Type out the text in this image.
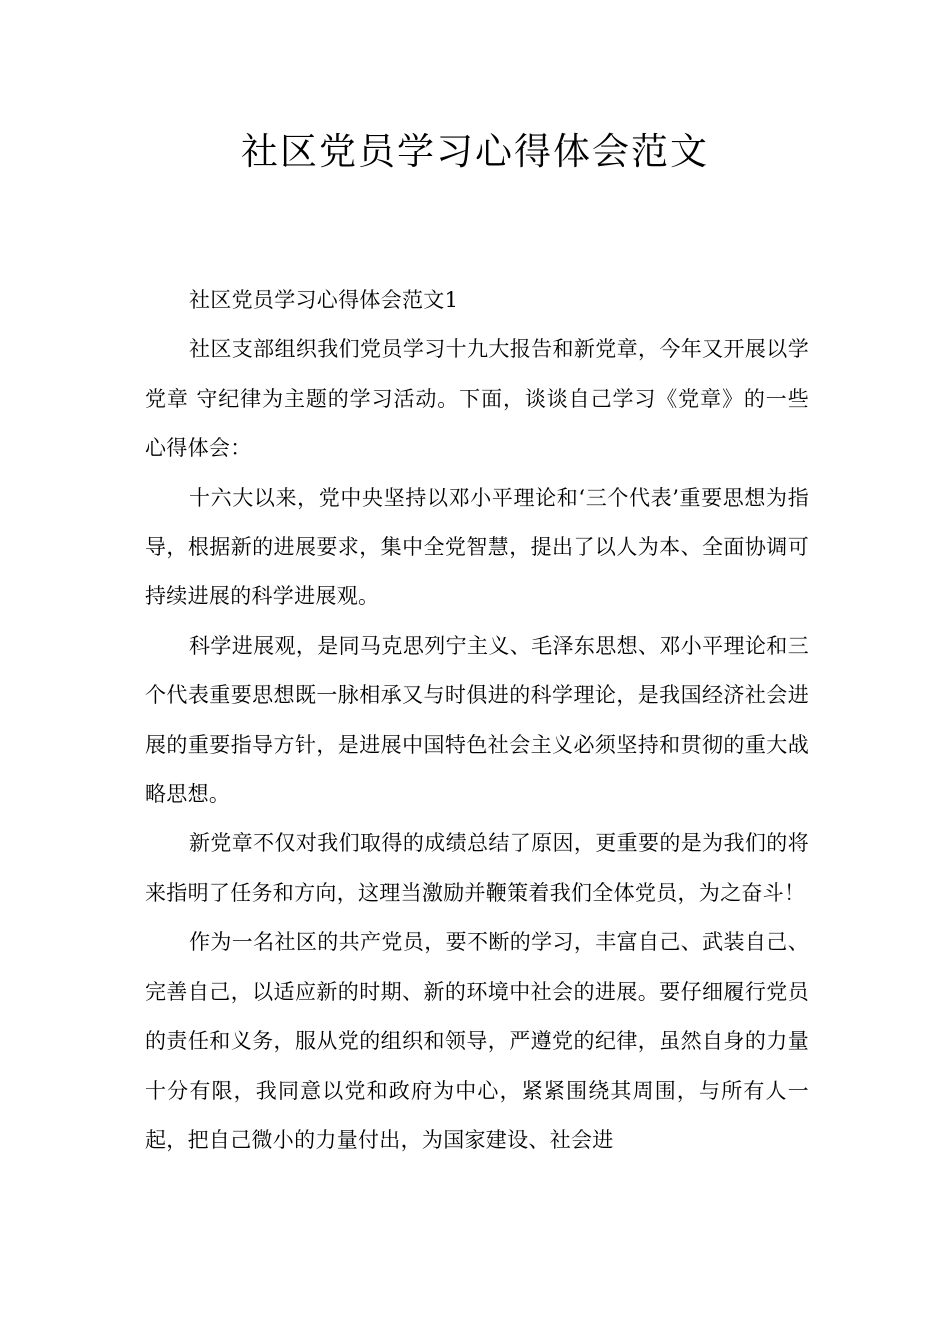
社区党员学习心得体会范文

社区党员学习心得体会范文1

社区支部组织我们党员学习十九大报告和新党章，今年又开展以学党章 守纪律为主题的学习活动。下面，谈谈自己学习《党章》的一些心得体会：

十六大以来，党中央坚持以邓小平理论和‘三个代表’重要思想为指导，根据新的进展要求，集中全党智慧，提出了以人为本、全面协调可持续进展的科学进展观。

科学进展观，是同马克思列宁主义、毛泽东思想、邓小平理论和三个代表重要思想既一脉相承又与时俱进的科学理论，是我国经济社会进展的重要指导方针，是进展中国特色社会主义必须坚持和贯彻的重大战略思想。

新党章不仅对我们取得的成绩总结了原因，更重要的是为我们的将来指明了任务和方向，这理当激励并鞭策着我们全体党员，为之奋斗！

作为一名社区的共产党员，要不断的学习，丰富自己、武装自己、完善自己，以适应新的时期、新的环境中社会的进展。要仔细履行党员的责任和义务，服从党的组织和领导，严遵党的纪律，虽然自身的力量十分有限，我同意以党和政府为中心，紧紧围绕其周围，与所有人一起，把自己微小的力量付出，为国家建设、社会进
